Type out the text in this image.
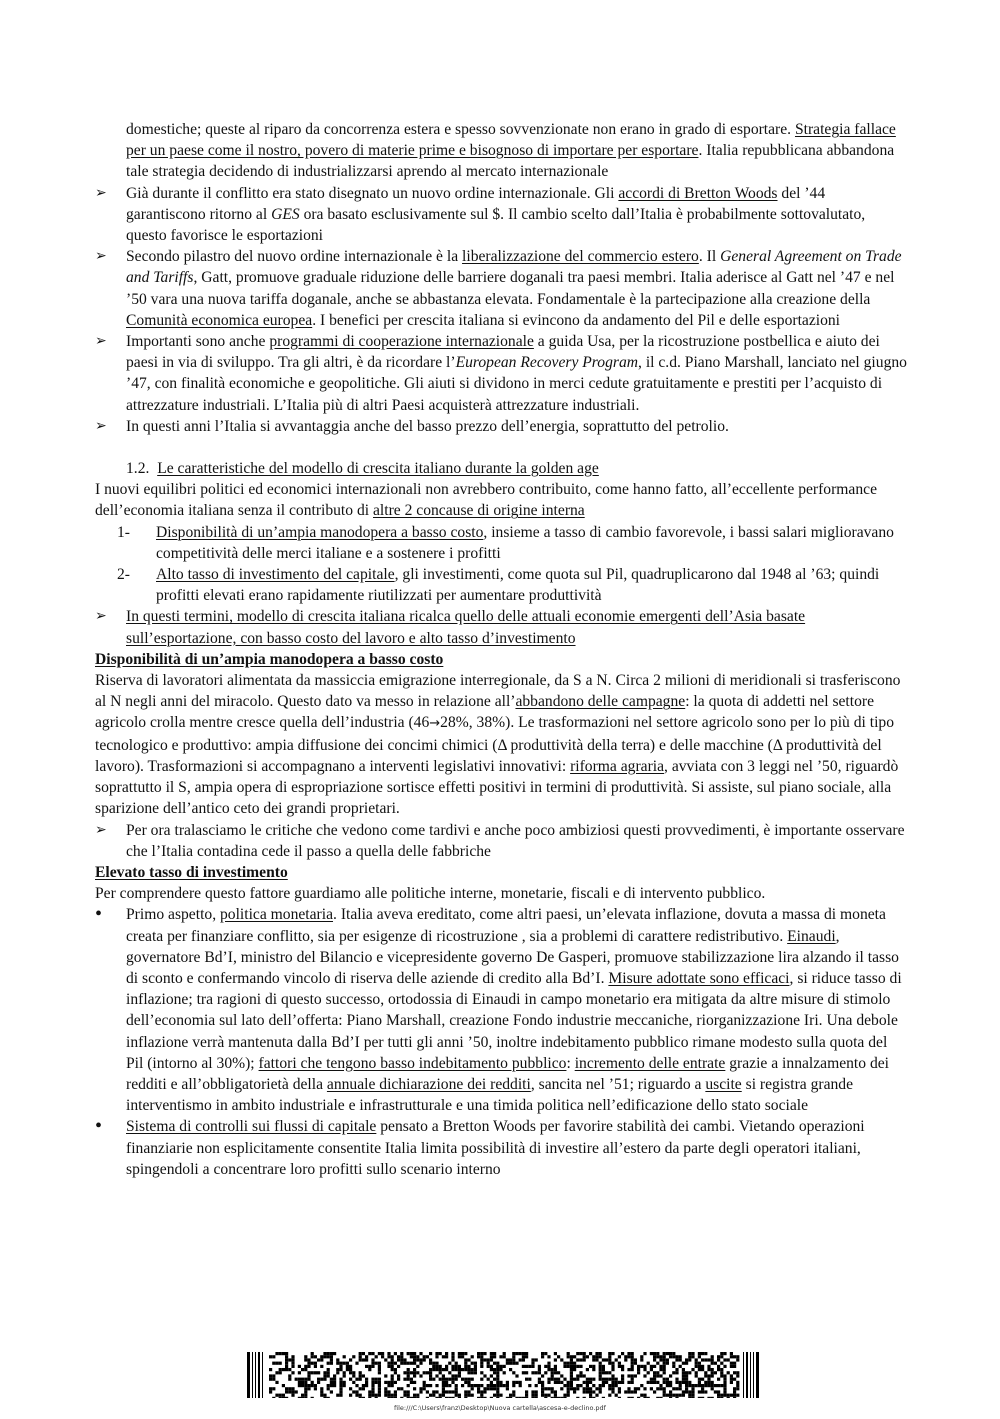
domestiche; queste al riparo da concorrenza estera e spesso sovvenzionate non erano in grado di esportare. Strategia fallace per un paese come il nostro, povero di materie prime e bisognoso di importare per esportare. Italia repubblicana abbandona tale strategia decidendo di industrializzarsi aprendo al mercato internazionale

➢	Già durante il conflitto era stato disegnato un nuovo ordine internazionale. Gli accordi di Bretton Woods del ’44 garantiscono ritorno al GES ora basato esclusivamente sul $. Il cambio scelto dall’Italia è probabilmente sottovalutato, questo favorisce le esportazioni
➢	Secondo pilastro del nuovo ordine internazionale è la liberalizzazione del commercio estero. Il General Agreement on Trade and Tariffs, Gatt, promuove graduale riduzione delle barriere doganali tra paesi membri. Italia aderisce al Gatt nel ’47 e nel ’50 vara una nuova tariffa doganale, anche se abbastanza elevata. Fondamentale è la partecipazione alla creazione della Comunità economica europea. I benefici per crescita italiana si evincono da andamento del Pil e delle esportazioni
➢	Importanti sono anche programmi di cooperazione internazionale a guida Usa, per la ricostruzione postbellica e aiuto dei paesi in via di sviluppo. Tra gli altri, è da ricordare l’European Recovery Program, il c.d. Piano Marshall, lanciato nel giugno ’47, con finalità economiche e geopolitiche. Gli aiuti si dividono in merci cedute gratuitamente e prestiti per l’acquisto di attrezzature industriali. L’Italia più di altri Paesi acquisterà attrezzature industriali.
➢	In questi anni l’Italia si avvantaggia anche del basso prezzo dell’energia, soprattutto del petrolio.

1.2. Le caratteristiche del modello di crescita italiano durante la golden age

I nuovi equilibri politici ed economici internazionali non avrebbero contribuito, come hanno fatto, all’eccellente performance dell’economia italiana senza il contributo di altre 2 concause di origine interna

1- Disponibilità di un’ampia manodopera a basso costo, insieme a tasso di cambio favorevole, i bassi salari miglioravano competitività delle merci italiane e a sostenere i profitti
2- Alto tasso di investimento del capitale, gli investimenti, come quota sul Pil, quadruplicarono dal 1948 al ’63; quindi profitti elevati erano rapidamente riutilizzati per aumentare produttività
➢	In questi termini, modello di crescita italiana ricalca quello delle attuali economie emergenti dell’Asia basate sull’esportazione, con basso costo del lavoro e alto tasso d’investimento

Disponibilità di un’ampia manodopera a basso costo

Riserva di lavoratori alimentata da massiccia emigrazione interregionale, da S a N. Circa 2 milioni di meridionali si trasferiscono al N negli anni del miracolo. Questo dato va messo in relazione all’abbandono delle campagne: la quota di addetti nel settore agricolo crolla mentre cresce quella dell’industria (46→28%, 38%). Le trasformazioni nel settore agricolo sono per lo più di tipo tecnologico e produttivo: ampia diffusione dei concimi chimici (Δ produttività della terra) e delle macchine (Δ produttività del lavoro). Trasformazioni si accompagnano a interventi legislativi innovativi: riforma agraria, avviata con 3 leggi nel ’50, riguardò soprattutto il S, ampia opera di espropriazione sortisce effetti positivi in termini di produttività. Si assiste, sul piano sociale, alla sparizione dell’antico ceto dei grandi proprietari.

➢	Per ora tralasciamo le critiche che vedono come tardivi e anche poco ambiziosi questi provvedimenti, è importante osservare che l’Italia contadina cede il passo a quella delle fabbriche

Elevato tasso di investimento

Per comprendere questo fattore guardiamo alle politiche interne, monetarie, fiscali e di intervento pubblico.

•	Primo aspetto, politica monetaria. Italia aveva ereditato, come altri paesi, un’elevata inflazione, dovuta a massa di moneta creata per finanziare conflitto, sia per esigenze di ricostruzione , sia a problemi di carattere redistributivo. Einaudi, governatore Bd’I, ministro del Bilancio e vicepresidente governo De Gasperi, promuove stabilizzazione lira alzando il tasso di sconto e confermando vincolo di riserva delle aziende di credito alla Bd’I. Misure adottate sono efficaci, si riduce tasso di inflazione; tra ragioni di questo successo, ortodossia di Einaudi in campo monetario era mitigata da altre misure di stimolo dell’economia sul lato dell’offerta: Piano Marshall, creazione Fondo industrie meccaniche, riorganizzazione Iri. Una debole inflazione verrà mantenuta dalla Bd’I per tutti gli anni ’50, inoltre indebitamento pubblico rimane modesto sulla quota del Pil (intorno al 30%); fattori che tengono basso indebitamento pubblico: incremento delle entrate grazie a innalzamento dei redditi e all’obbligatorietà della annuale dichiarazione dei redditi, sancita nel ’51; riguardo a uscite si registra grande interventismo in ambito industriale e infrastrutturale e una timida politica nell’edificazione dello stato sociale
•	Sistema di controlli sui flussi di capitale pensato a Bretton Woods per favorire stabilità dei cambi. Vietando operazioni finanziarie non esplicitamente consentite Italia limita possibilità di investire all’estero da parte degli operatori italiani, spingendoli a concentrare loro profitti sullo scenario interno
file:///C:\Users\franz\Desktop\Nuova cartella\ascesa-e-declino.pdf
